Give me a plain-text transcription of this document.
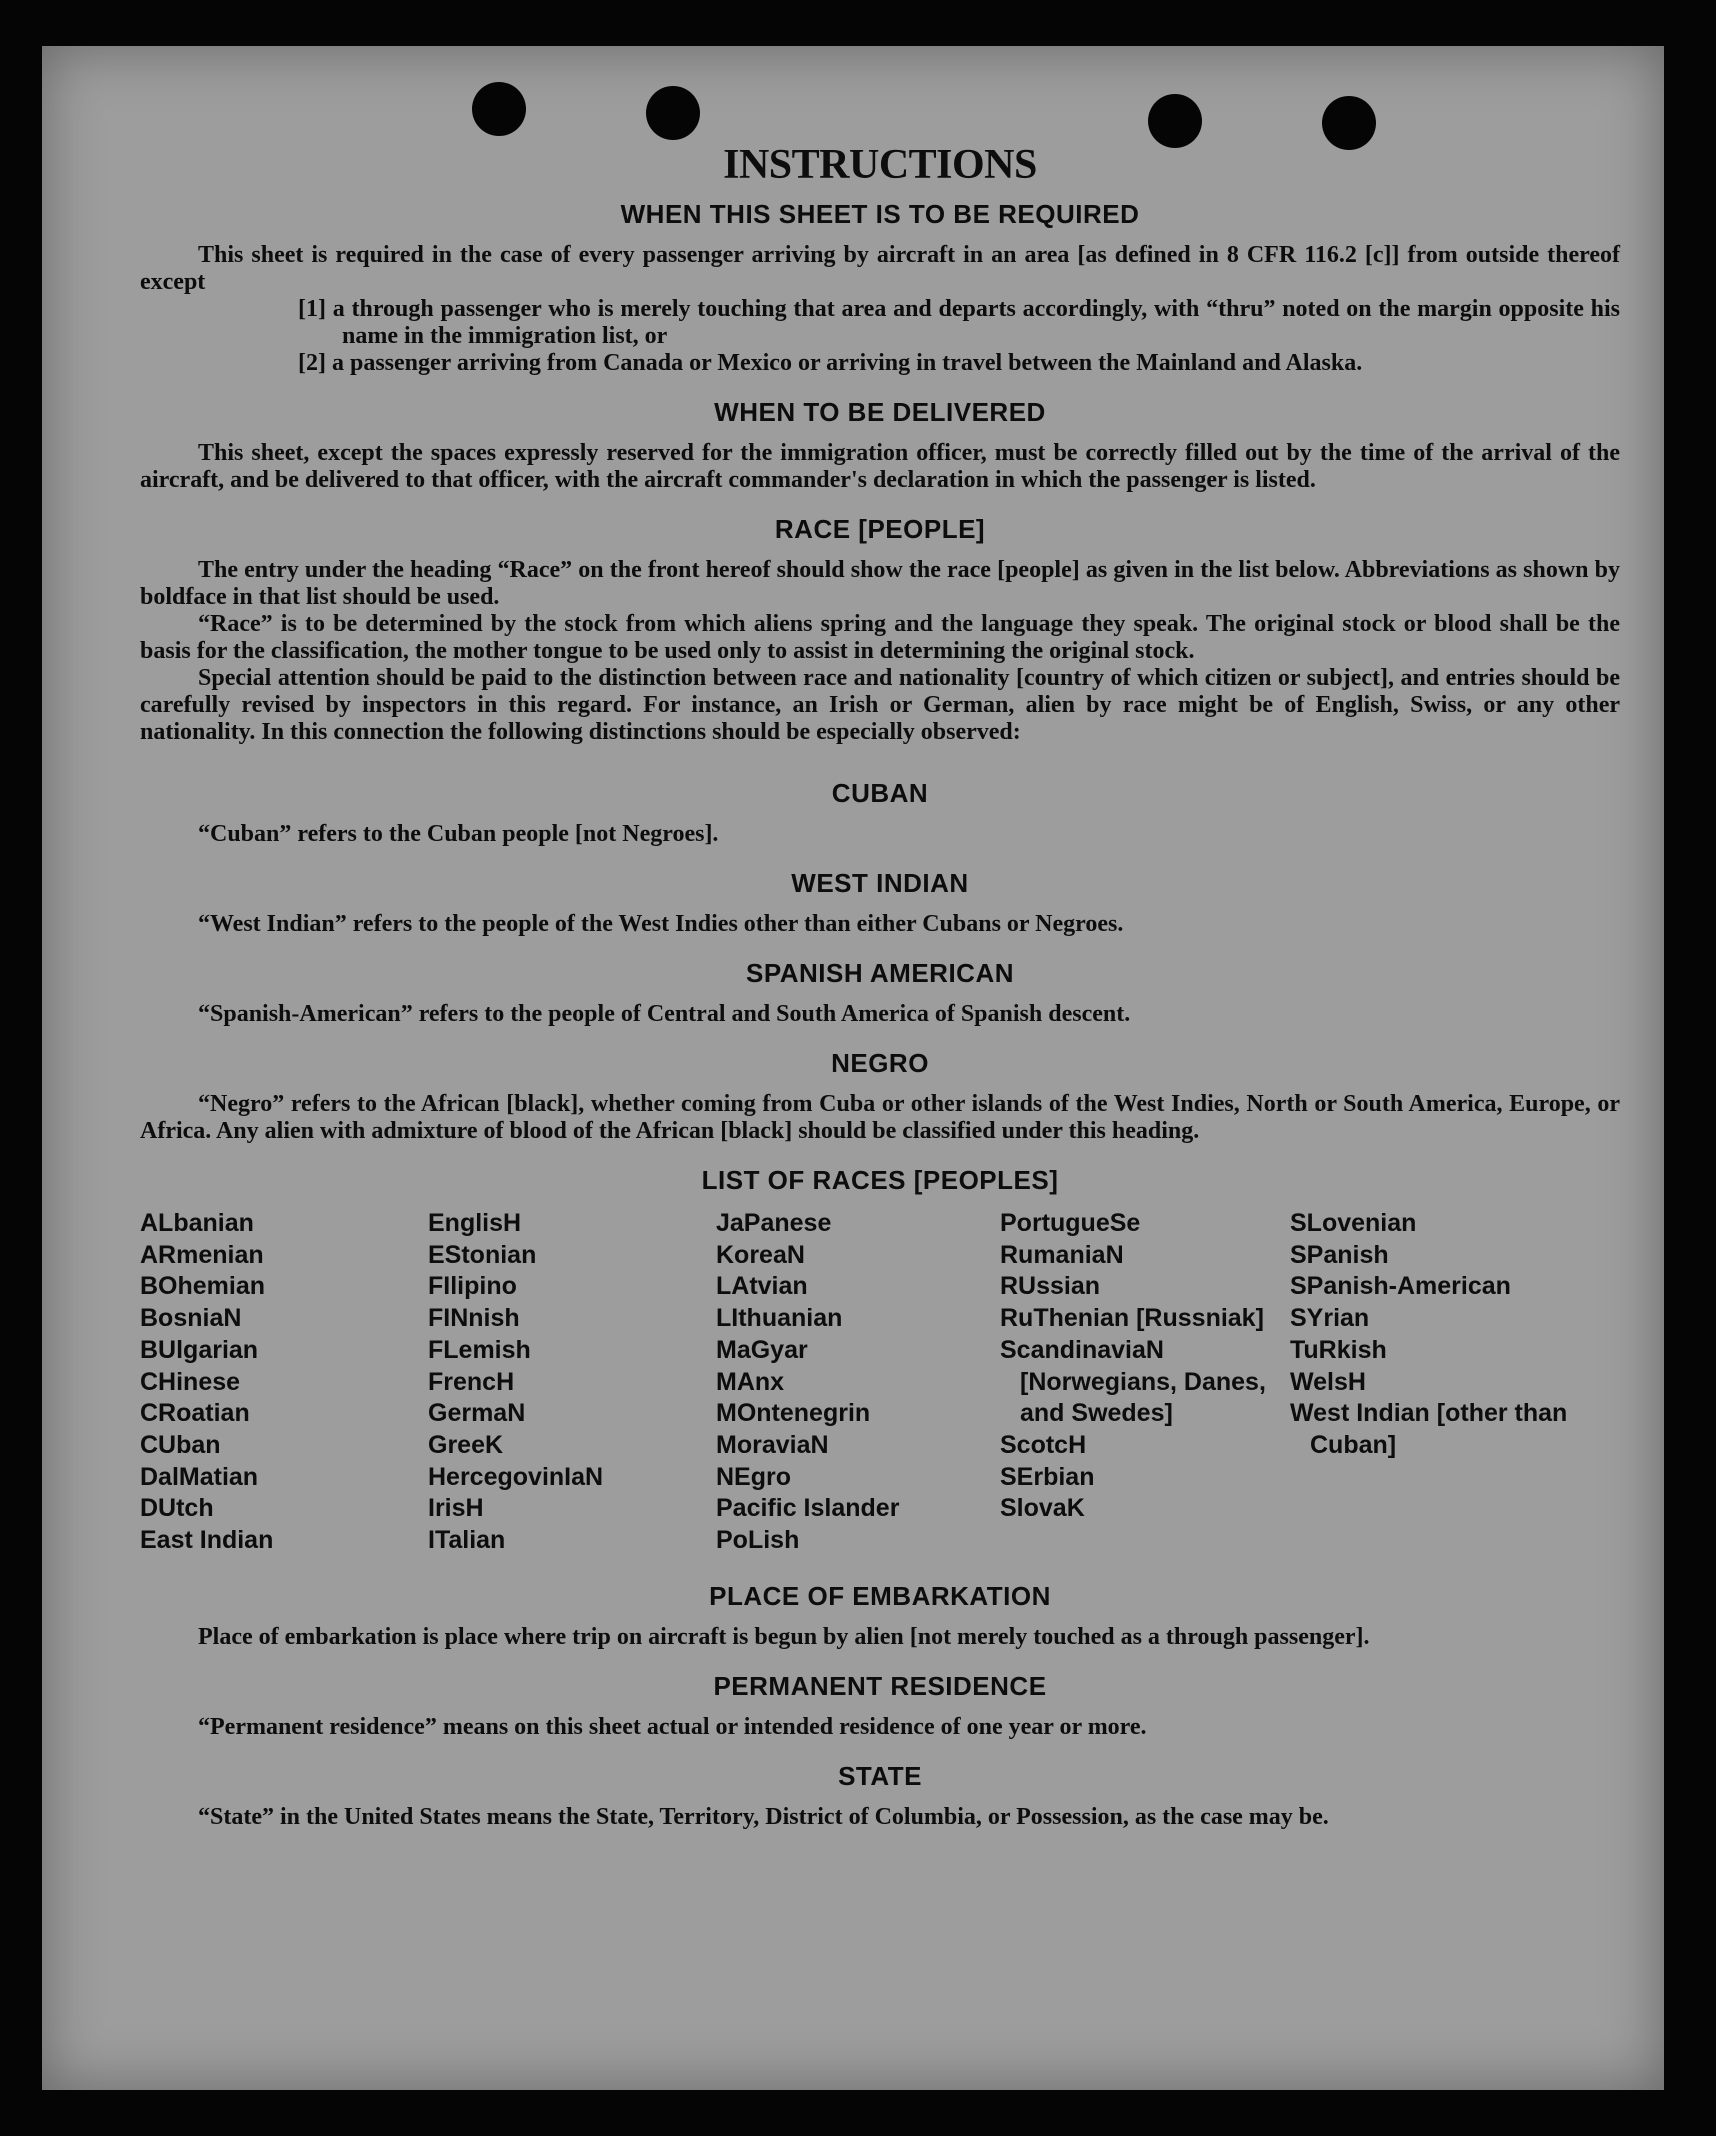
INSTRUCTIONS
WHEN THIS SHEET IS TO BE REQUIRED

This sheet is required in the case of every passenger arriving by aircraft in an area [as defined in 8 CFR 116.2 [c]] from outside thereof except

[1] a through passenger who is merely touching that area and departs accordingly, with “thru” noted on the margin opposite his name in the immigration list, or

[2] a passenger arriving from Canada or Mexico or arriving in travel between the Mainland and Alaska.

WHEN TO BE DELIVERED

This sheet, except the spaces expressly reserved for the immigration officer, must be correctly filled out by the time of the arrival of the aircraft, and be delivered to that officer, with the aircraft commander's declaration in which the passenger is listed.

RACE [PEOPLE]

The entry under the heading “Race” on the front hereof should show the race [people] as given in the list below. Abbreviations as shown by boldface in that list should be used.

“Race” is to be determined by the stock from which aliens spring and the language they speak. The original stock or blood shall be the basis for the classification, the mother tongue to be used only to assist in determining the original stock.

Special attention should be paid to the distinction between race and nationality [country of which citizen or subject], and entries should be carefully revised by inspectors in this regard. For instance, an Irish or German, alien by race might be of English, Swiss, or any other nationality. In this connection the following distinctions should be especially observed:

CUBAN

“Cuban” refers to the Cuban people [not Negroes].

WEST INDIAN

“West Indian” refers to the people of the West Indies other than either Cubans or Negroes.

SPANISH AMERICAN

“Spanish-American” refers to the people of Central and South America of Spanish descent.

NEGRO

“Negro” refers to the African [black], whether coming from Cuba or other islands of the West Indies, North or South America, Europe, or Africa. Any alien with admixture of blood of the African [black] should be classified under this heading.

LIST OF RACES [PEOPLES]
ALbanian
ARmenian
BOhemian
BosniaN
BUlgarian
CHinese
CRoatian
CUban
DalMatian
DUtch
East Indian
EnglisH
EStonian
FIlipino
FINnish
FLemish
FrencH
GermaN
GreeK
HercegovinIaN
IrisH
ITalian
JaPanese
KoreaN
LAtvian
LIthuanian
MaGyar
MAnx
MOntenegrin
MoraviaN
NEgro
Pacific Islander
PoLish
PortugueSe
RumaniaN
RUssian
RuThenian [Russniak]
ScandinaviaN [Norwegians, Danes, and Swedes]
ScotcH
SErbian
SlovaK
SLovenian
SPanish
SPanish-American
SYrian
TuRkish
WelsH
West Indian [other than Cuban]
PLACE OF EMBARKATION

Place of embarkation is place where trip on aircraft is begun by alien [not merely touched as a through passenger].

PERMANENT RESIDENCE

“Permanent residence” means on this sheet actual or intended residence of one year or more.

STATE

“State” in the United States means the State, Territory, District of Columbia, or Possession, as the case may be.
